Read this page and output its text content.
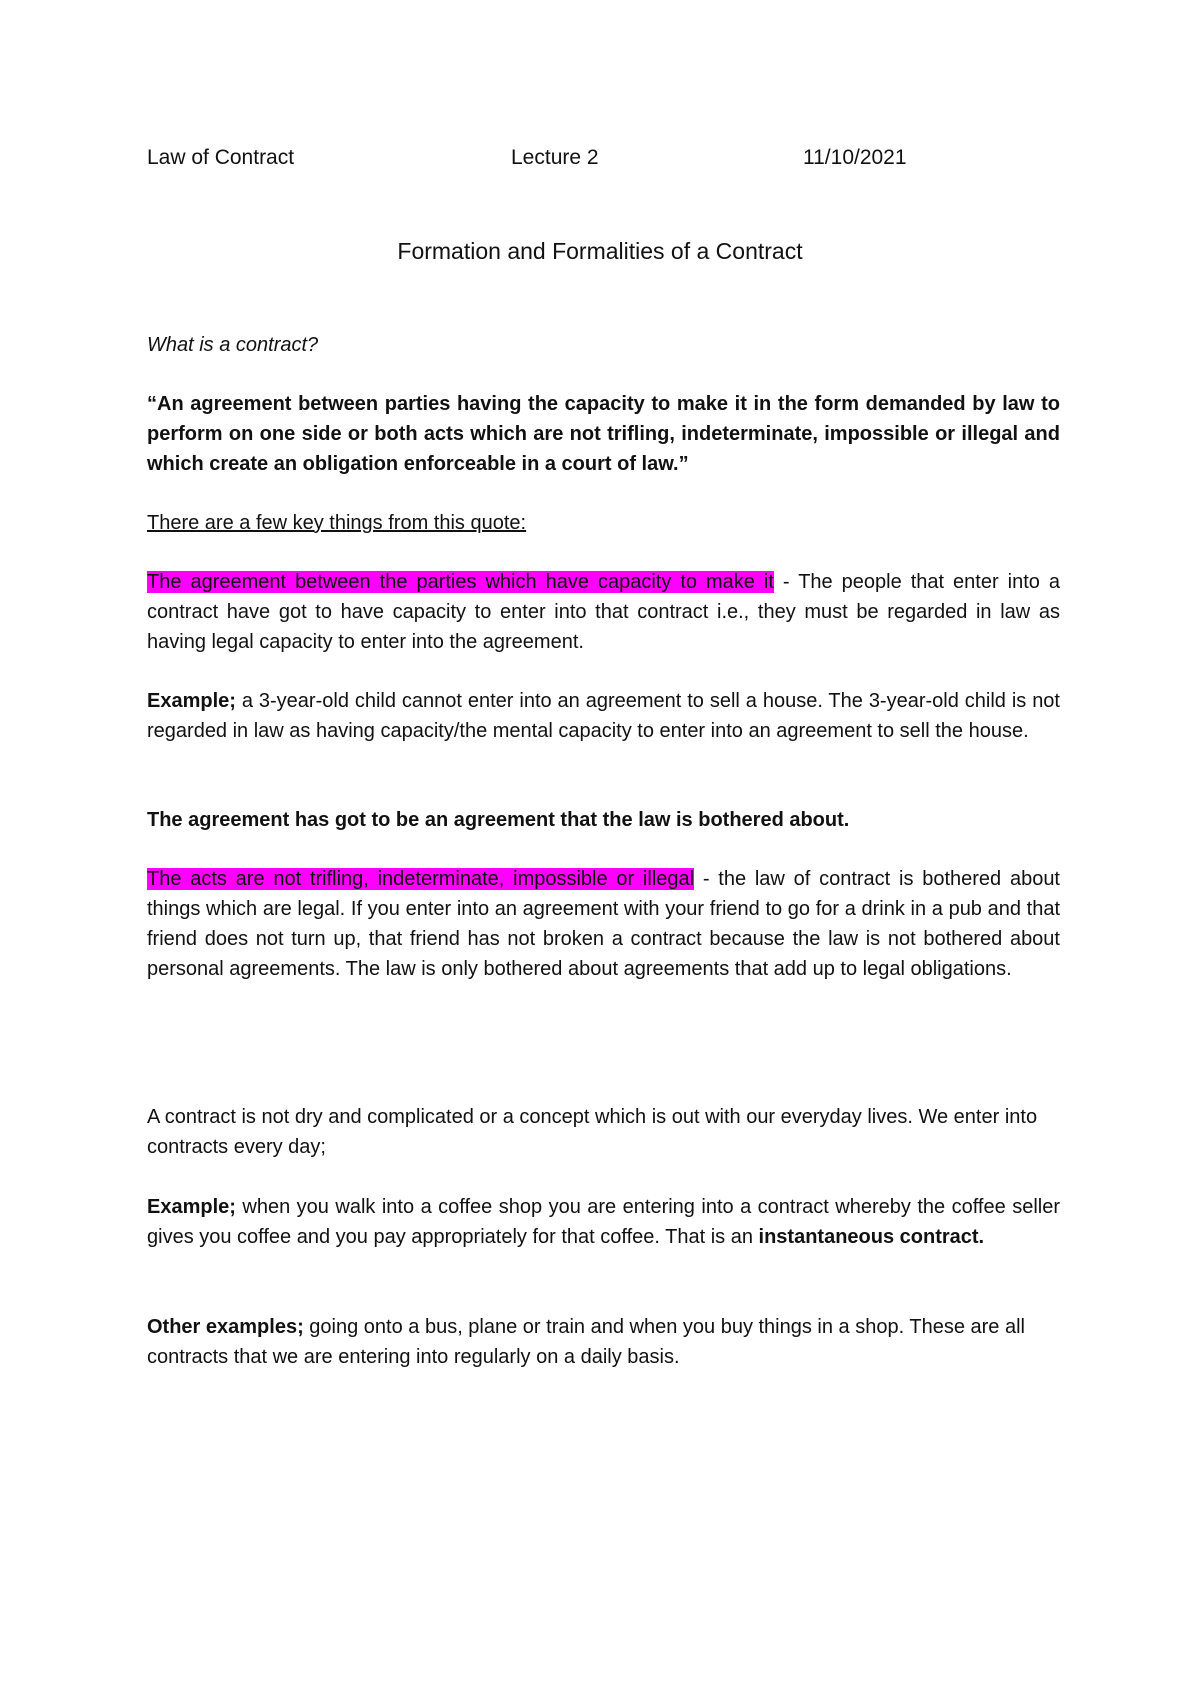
Law of Contract	Lecture 2	11/10/2021
Formation and Formalities of a Contract
What is a contract?
“An agreement between parties having the capacity to make it in the form demanded by law to perform on one side or both acts which are not trifling, indeterminate, impossible or illegal and which create an obligation enforceable in a court of law.”
There are a few key things from this quote:
The agreement between the parties which have capacity to make it - The people that enter into a contract have got to have capacity to enter into that contract i.e., they must be regarded in law as having legal capacity to enter into the agreement.
Example; a 3-year-old child cannot enter into an agreement to sell a house. The 3-year-old child is not regarded in law as having capacity/the mental capacity to enter into an agreement to sell the house.
The agreement has got to be an agreement that the law is bothered about.
The acts are not trifling, indeterminate, impossible or illegal - the law of contract is bothered about things which are legal. If you enter into an agreement with your friend to go for a drink in a pub and that friend does not turn up, that friend has not broken a contract because the law is not bothered about personal agreements. The law is only bothered about agreements that add up to legal obligations.
A contract is not dry and complicated or a concept which is out with our everyday lives. We enter into contracts every day;
Example; when you walk into a coffee shop you are entering into a contract whereby the coffee seller gives you coffee and you pay appropriately for that coffee. That is an instantaneous contract.
Other examples; going onto a bus, plane or train and when you buy things in a shop. These are all contracts that we are entering into regularly on a daily basis.
